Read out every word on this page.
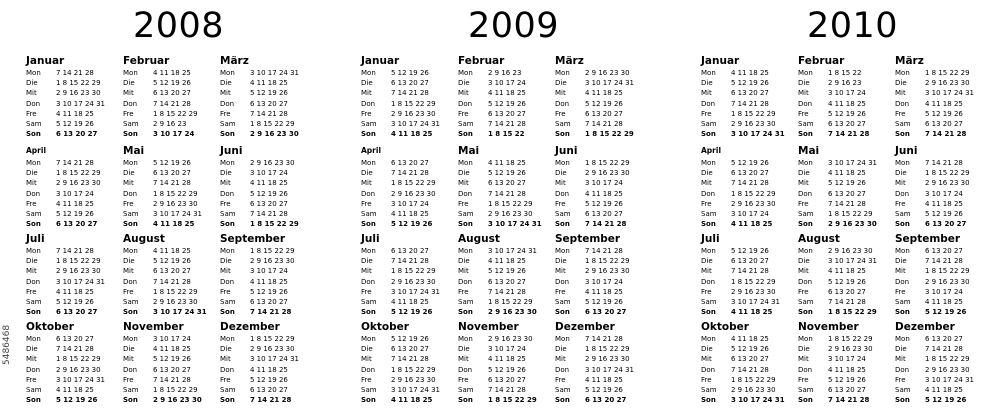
5486468
2008
Januar
Mon	7 14 21 28
Die	1 8 15 22 29
Mit	2 9 16 23 30
Don	3 10 17 24 31
Fre	4 11 18 25
Sam	5 12 19 26
Son	6 13 20 27
Februar
Mon	4 11 18 25
Die	5 12 19 26
Mit	6 13 20 27
Don	7 14 21 28
Fre	1 8 15 22 29
Sam	2 9 16 23
Son	3 10 17 24
März
Mon	3 10 17 24 31
Die	4 11 18 25
Mit	5 12 19 26
Don	6 13 20 27
Fre	7 14 21 28
Sam	1 8 15 22 29
Son	2 9 16 23 30
April
Mon	7 14 21 28
Die	1 8 15 22 29
Mit	2 9 16 23 30
Don	3 10 17 24
Fre	4 11 18 25
Sam	5 12 19 26
Son	6 13 20 27
Mai
Mon	5 12 19 26
Die	6 13 20 27
Mit	7 14 21 28
Don	1 8 15 22 29
Fre	2 9 16 23 30
Sam	3 10 17 24 31
Son	4 11 18 25
Juni
Mon	2 9 16 23 30
Die	3 10 17 24
Mit	4 11 18 25
Don	5 12 19 26
Fre	6 13 20 27
Sam	7 14 21 28
Son	1 8 15 22 29
Juli
Mon	7 14 21 28
Die	1 8 15 22 29
Mit	2 9 16 23 30
Don	3 10 17 24 31
Fre	4 11 18 25
Sam	5 12 19 26
Son	6 13 20 27
August
Mon	4 11 18 25
Die	5 12 19 26
Mit	6 13 20 27
Don	7 14 21 28
Fre	1 8 15 22 29
Sam	2 9 16 23 30
Son	3 10 17 24 31
September
Mon	1 8 15 22 29
Die	2 9 16 23 30
Mit	3 10 17 24
Don	4 11 18 25
Fre	5 12 19 26
Sam	6 13 20 27
Son	7 14 21 28
Oktober
Mon	6 13 20 27
Die	7 14 21 28
Mit	1 8 15 22 29
Don	2 9 16 23 30
Fre	3 10 17 24 31
Sam	4 11 18 25
Son	5 12 19 26
November
Mon	3 10 17 24
Die	4 11 18 25
Mit	5 12 19 26
Don	6 13 20 27
Fre	7 14 21 28
Sam	1 8 15 22 29
Son	2 9 16 23 30
Dezember
Mon	1 8 15 22 29
Die	2 9 16 23 30
Mit	3 10 17 24 31
Don	4 11 18 25
Fre	5 12 19 26
Sam	6 13 20 27
Son	7 14 21 28
2009
Januar
Mon	5 12 19 26
Die	6 13 20 27
Mit	7 14 21 28
Don	1 8 15 22 29
Fre	2 9 16 23 30
Sam	3 10 17 24 31
Son	4 11 18 25
Februar
Mon	2 9 16 23
Die	3 10 17 24
Mit	4 11 18 25
Don	5 12 19 26
Fre	6 13 20 27
Sam	7 14 21 28
Son	1 8 15 22
März
Mon	2 9 16 23 30
Die	3 10 17 24 31
Mit	4 11 18 25
Don	5 12 19 26
Fre	6 13 20 27
Sam	7 14 21 28
Son	1 8 15 22 29
April
Mon	6 13 20 27
Die	7 14 21 28
Mit	1 8 15 22 29
Don	2 9 16 23 30
Fre	3 10 17 24
Sam	4 11 18 25
Son	5 12 19 26
Mai
Mon	4 11 18 25
Die	5 12 19 26
Mit	6 13 20 27
Don	7 14 21 28
Fre	1 8 15 22 29
Sam	2 9 16 23 30
Son	3 10 17 24 31
Juni
Mon	1 8 15 22 29
Die	2 9 16 23 30
Mit	3 10 17 24
Don	4 11 18 25
Fre	5 12 19 26
Sam	6 13 20 27
Son	7 14 21 28
Juli
Mon	6 13 20 27
Die	7 14 21 28
Mit	1 8 15 22 29
Don	2 9 16 23 30
Fre	3 10 17 24 31
Sam	4 11 18 25
Son	5 12 19 26
August
Mon	3 10 17 24 31
Die	4 11 18 25
Mit	5 12 19 26
Don	6 13 20 27
Fre	7 14 21 28
Sam	1 8 15 22 29
Son	2 9 16 23 30
September
Mon	7 14 21 28
Die	1 8 15 22 29
Mit	2 9 16 23 30
Don	3 10 17 24
Fre	4 11 18 25
Sam	5 12 19 26
Son	6 13 20 27
Oktober
Mon	5 12 19 26
Die	6 13 20 27
Mit	7 14 21 28
Don	1 8 15 22 29
Fre	2 9 16 23 30
Sam	3 10 17 24 31
Son	4 11 18 25
November
Mon	2 9 16 23 30
Die	3 10 17 24
Mit	4 11 18 25
Don	5 12 19 26
Fre	6 13 20 27
Sam	7 14 21 28
Son	1 8 15 22 29
Dezember
Mon	7 14 21 28
Die	1 8 15 22 29
Mit	2 9 16 23 30
Don	3 10 17 24 31
Fre	4 11 18 25
Sam	5 12 19 26
Son	6 13 20 27
2010
Januar
Mon	4 11 18 25
Die	5 12 19 26
Mit	6 13 20 27
Don	7 14 21 28
Fre	1 8 15 22 29
Sam	2 9 16 23 30
Son	3 10 17 24 31
Februar
Mon	1 8 15 22
Die	2 9 16 23
Mit	3 10 17 24
Don	4 11 18 25
Fre	5 12 19 26
Sam	6 13 20 27
Son	7 14 21 28
März
Mon	1 8 15 22 29
Die	2 9 16 23 30
Mit	3 10 17 24 31
Don	4 11 18 25
Fre	5 12 19 26
Sam	6 13 20 27
Son	7 14 21 28
April
Mon	5 12 19 26
Die	6 13 20 27
Mit	7 14 21 28
Don	1 8 15 22 29
Fre	2 9 16 23 30
Sam	3 10 17 24
Son	4 11 18 25
Mai
Mon	3 10 17 24 31
Die	4 11 18 25
Mit	5 12 19 26
Don	6 13 20 27
Fre	7 14 21 28
Sam	1 8 15 22 29
Son	2 9 16 23 30
Juni
Mon	7 14 21 28
Die	1 8 15 22 29
Mit	2 9 16 23 30
Don	3 10 17 24
Fre	4 11 18 25
Sam	5 12 19 26
Son	6 13 20 27
Juli
Mon	5 12 19 26
Die	6 13 20 27
Mit	7 14 21 28
Don	1 8 15 22 29
Fre	2 9 16 23 30
Sam	3 10 17 24 31
Son	4 11 18 25
August
Mon	2 9 16 23 30
Die	3 10 17 24 31
Mit	4 11 18 25
Don	5 12 19 26
Fre	6 13 20 27
Sam	7 14 21 28
Son	1 8 15 22 29
September
Mon	6 13 20 27
Die	7 14 21 28
Mit	1 8 15 22 29
Don	2 9 16 23 30
Fre	3 10 17 24
Sam	4 11 18 25
Son	5 12 19 26
Oktober
Mon	4 11 18 25
Die	5 12 19 26
Mit	6 13 20 27
Don	7 14 21 28
Fre	1 8 15 22 29
Sam	2 9 16 23 30
Son	3 10 17 24 31
November
Mon	1 8 15 22 29
Die	2 9 16 23 30
Mit	3 10 17 24
Don	4 11 18 25
Fre	5 12 19 26
Sam	6 13 20 27
Son	7 14 21 28
Dezember
Mon	6 13 20 27
Die	7 14 21 28
Mit	1 8 15 22 29
Don	2 9 16 23 30
Fre	3 10 17 24 31
Sam	4 11 18 25
Son	5 12 19 26
